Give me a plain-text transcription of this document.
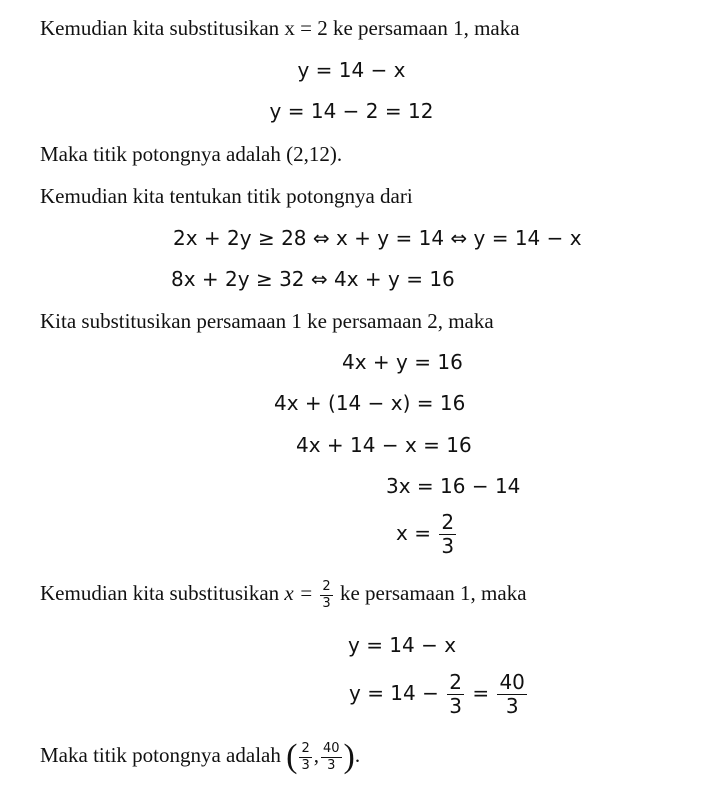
Kemudian kita substitusikan x = 2 ke persamaan 1, maka
y = 14 − x
y = 14 − 2 = 12
Maka titik potongnya adalah (2,12).
Kemudian kita tentukan titik potongnya dari
2x + 2y ≥ 28 ⇔ x + y = 14 ⇔ y = 14 − x
8x + 2y ≥ 32 ⇔ 4x + y = 16
Kita substitusikan persamaan 1 ke persamaan 2, maka
4x + y = 16
4x + (14 − x) = 16
4x + 14 − x = 16
3x = 16 − 14
$x = \frac{2}{3}$
Kemudian kita substitusikan $x = \frac{2}{3}$ ke persamaan 1, maka
y = 14 − x
$y = 14 - \frac{2}{3} = \frac{40}{3}$
Maka titik potongnya adalah ( $\frac{2}{3}$ , $\frac{40}{3}$ ).
